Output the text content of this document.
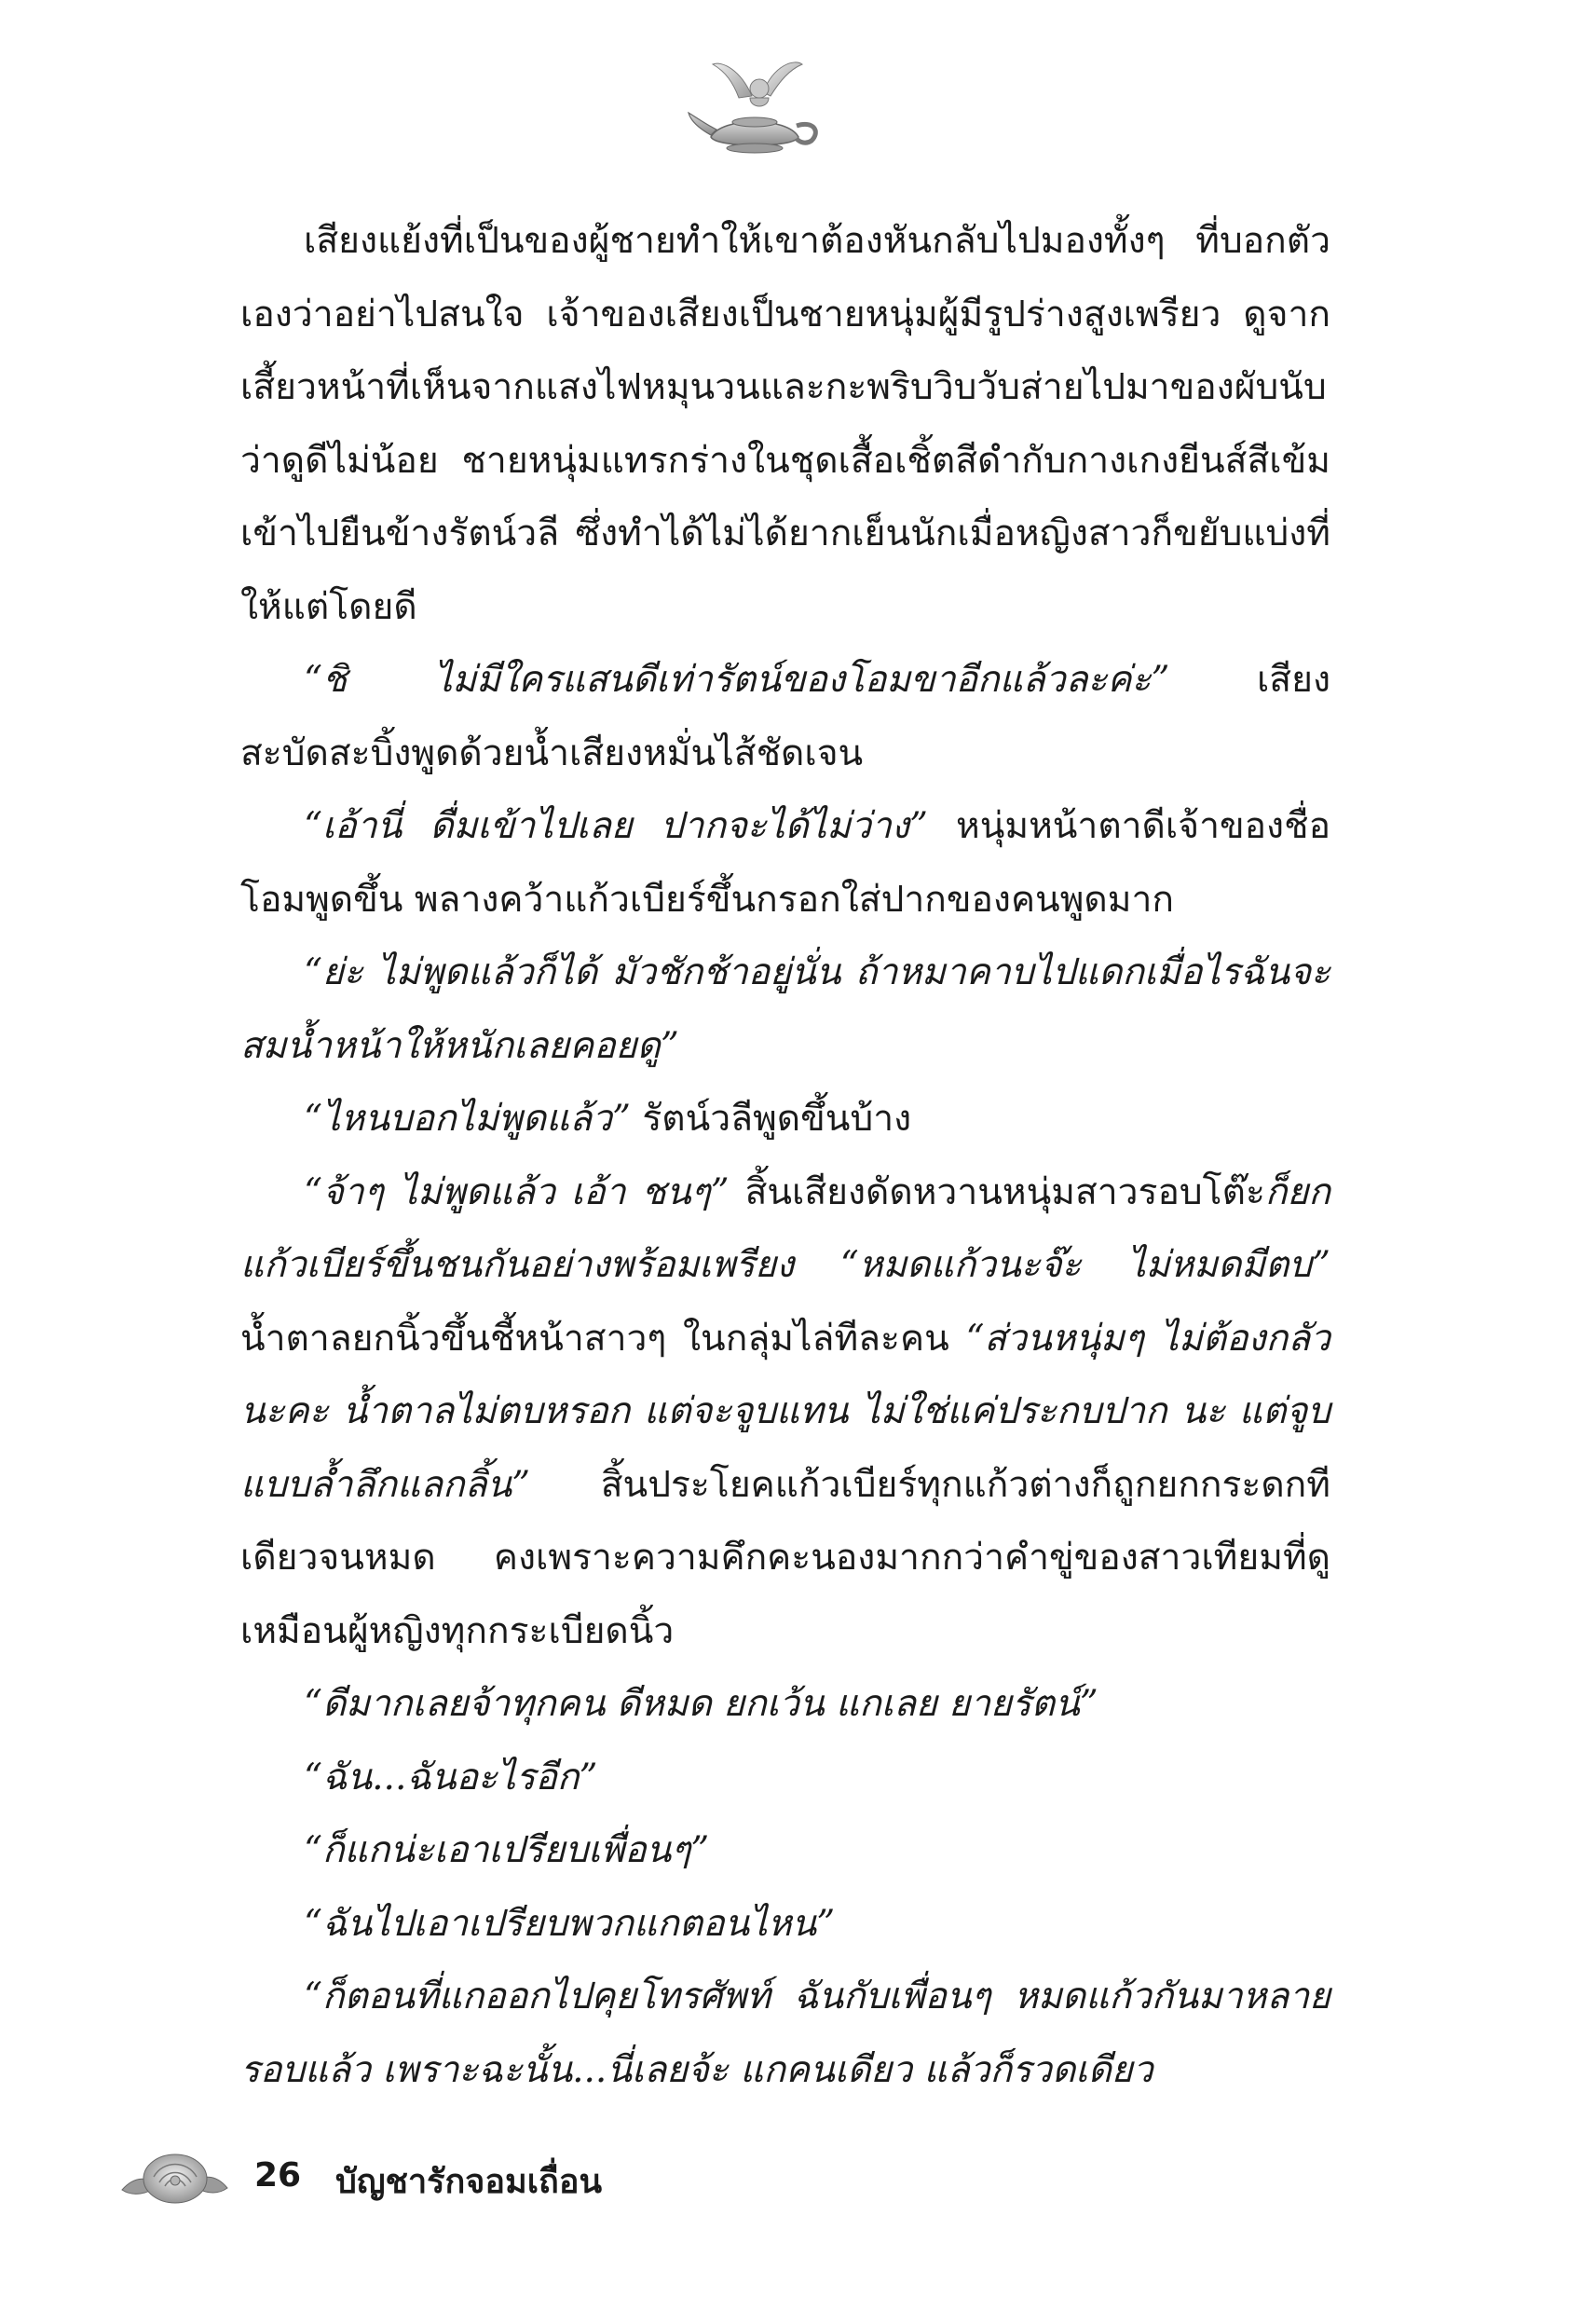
เสียงแย้งที่เป็นของผู้ชายทำให้เขาต้องหันกลับไปมองทั้งๆ ที่บอกตัวเองว่าอย่าไปสนใจ เจ้าของเสียงเป็นชายหนุ่มผู้มีรูปร่างสูงเพรียว ดูจากเสี้ยวหน้าที่เห็นจากแสงไฟหมุนวนและกะพริบวิบวับส่ายไปมาของผับนับว่าดูดีไม่น้อย ชายหนุ่มแทรกร่างในชุดเสื้อเชิ้ตสีดำกับกางเกงยีนส์สีเข้มเข้าไปยืนข้างรัตน์วลี ซึ่งทำได้ไม่ได้ยากเย็นนักเมื่อหญิงสาวก็ขยับแบ่งที่ให้แต่โดยดี

“ชิ ไม่มีใครแสนดีเท่ารัตน์ของโอมขาอีกแล้วละค่ะ” เสียงสะบัดสะบิ้งพูดด้วยน้ำเสียงหมั่นไส้ชัดเจน

“เอ้านี่ ดื่มเข้าไปเลย ปากจะได้ไม่ว่าง” หนุ่มหน้าตาดีเจ้าของชื่อโอมพูดขึ้น พลางคว้าแก้วเบียร์ขึ้นกรอกใส่ปากของคนพูดมาก

“ย่ะ ไม่พูดแล้วก็ได้ มัวชักช้าอยู่นั่น ถ้าหมาคาบไปแดกเมื่อไรฉันจะสมน้ำหน้าให้หนักเลยคอยดู”

“ไหนบอกไม่พูดแล้ว” รัตน์วลีพูดขึ้นบ้าง

“จ้าๆ ไม่พูดแล้ว เอ้า ชนๆ” สิ้นเสียงดัดหวานหนุ่มสาวรอบโต๊ะก็ยกแก้วเบียร์ขึ้นชนกันอย่างพร้อมเพรียง “หมดแก้วนะจ๊ะ ไม่หมดมีตบ” น้ำตาลยกนิ้วขึ้นชี้หน้าสาวๆ ในกลุ่มไล่ทีละคน “ส่วนหนุ่มๆ ไม่ต้องกลัวนะคะ น้ำตาลไม่ตบหรอก แต่จะจูบแทน ไม่ใช่แค่ประกบปาก นะ แต่จูบแบบล้ำลึกแลกลิ้น” สิ้นประโยคแก้วเบียร์ทุกแก้วต่างก็ถูกยกกระดกทีเดียวจนหมด คงเพราะความคึกคะนองมากกว่าคำขู่ของสาวเทียมที่ดูเหมือนผู้หญิงทุกกระเบียดนิ้ว

“ดีมากเลยจ้าทุกคน ดีหมด ยกเว้น แกเลย ยายรัตน์”

“ฉัน...ฉันอะไรอีก”

“ก็แกน่ะเอาเปรียบเพื่อนๆ”

“ฉันไปเอาเปรียบพวกแกตอนไหน”

“ก็ตอนที่แกออกไปคุยโทรศัพท์ ฉันกับเพื่อนๆ หมดแก้วกันมาหลายรอบแล้ว เพราะฉะนั้น...นี่เลยจ้ะ แกคนเดียว แล้วก็รวดเดียว

26 บัญชารักจอมเถื่อน
